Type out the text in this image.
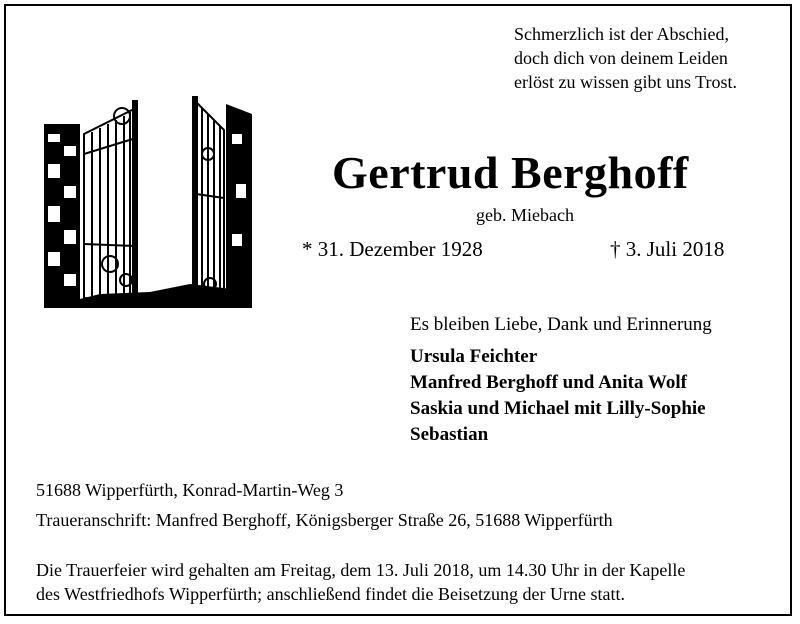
Schmerzlich ist der Abschied,
doch dich von deinem Leiden
erlöst zu wissen gibt uns Trost.
Gertrud Berghoff
geb. Miebach
* 31. Dezember 1928	† 3. Juli 2018
Es bleiben Liebe, Dank und Erinnerung
Ursula Feichter
Manfred Berghoff und Anita Wolf
Saskia und Michael mit Lilly-Sophie
Sebastian
51688 Wipperfürth, Konrad-Martin-Weg 3
Traueranschrift: Manfred Berghoff, Königsberger Straße 26, 51688 Wipperfürth
Die Trauerfeier wird gehalten am Freitag, dem 13. Juli 2018, um 14.30 Uhr in der Kapelle
des Westfriedhofs Wipperfürth; anschließend findet die Beisetzung der Urne statt.
